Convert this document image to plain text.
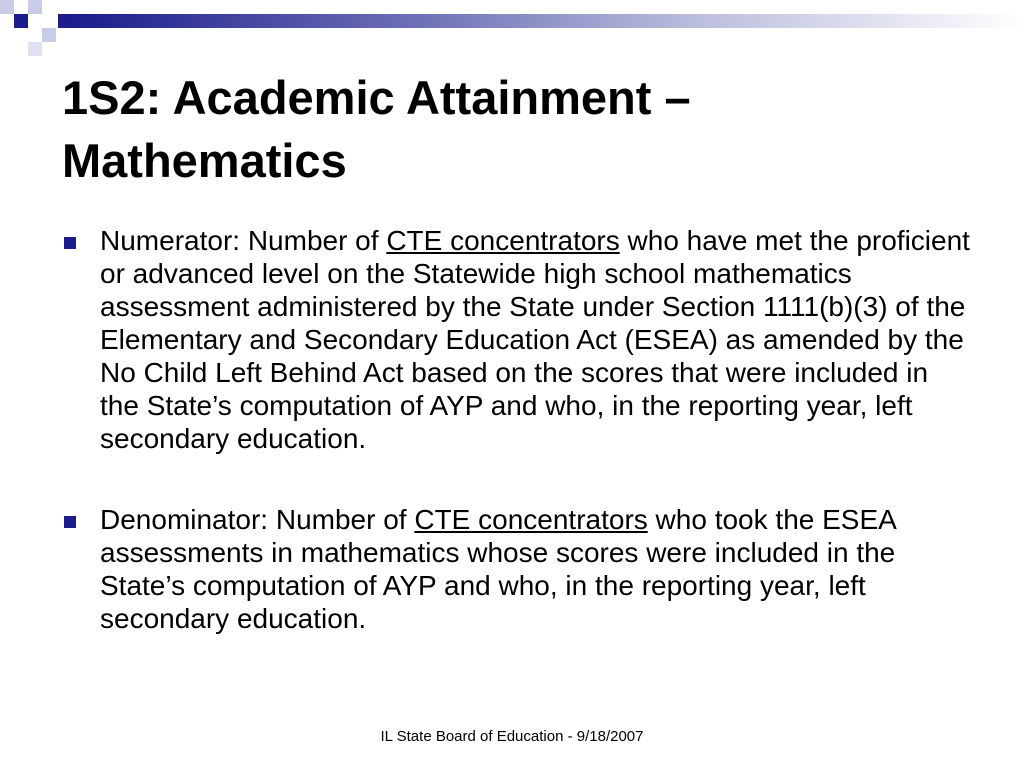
1S2: Academic Attainment –
Mathematics
Numerator: Number of CTE concentrators who have met the proficient or advanced level on the Statewide high school mathematics assessment administered by the State under Section 1111(b)(3) of the Elementary and Secondary Education Act (ESEA) as amended by the No Child Left Behind Act based on the scores that were included in the State’s computation of AYP and who, in the reporting year, left secondary education.
Denominator: Number of CTE concentrators who took the ESEA assessments in mathematics whose scores were included in the State’s computation of AYP and who, in the reporting year, left secondary education.
IL State Board of Education - 9/18/2007
